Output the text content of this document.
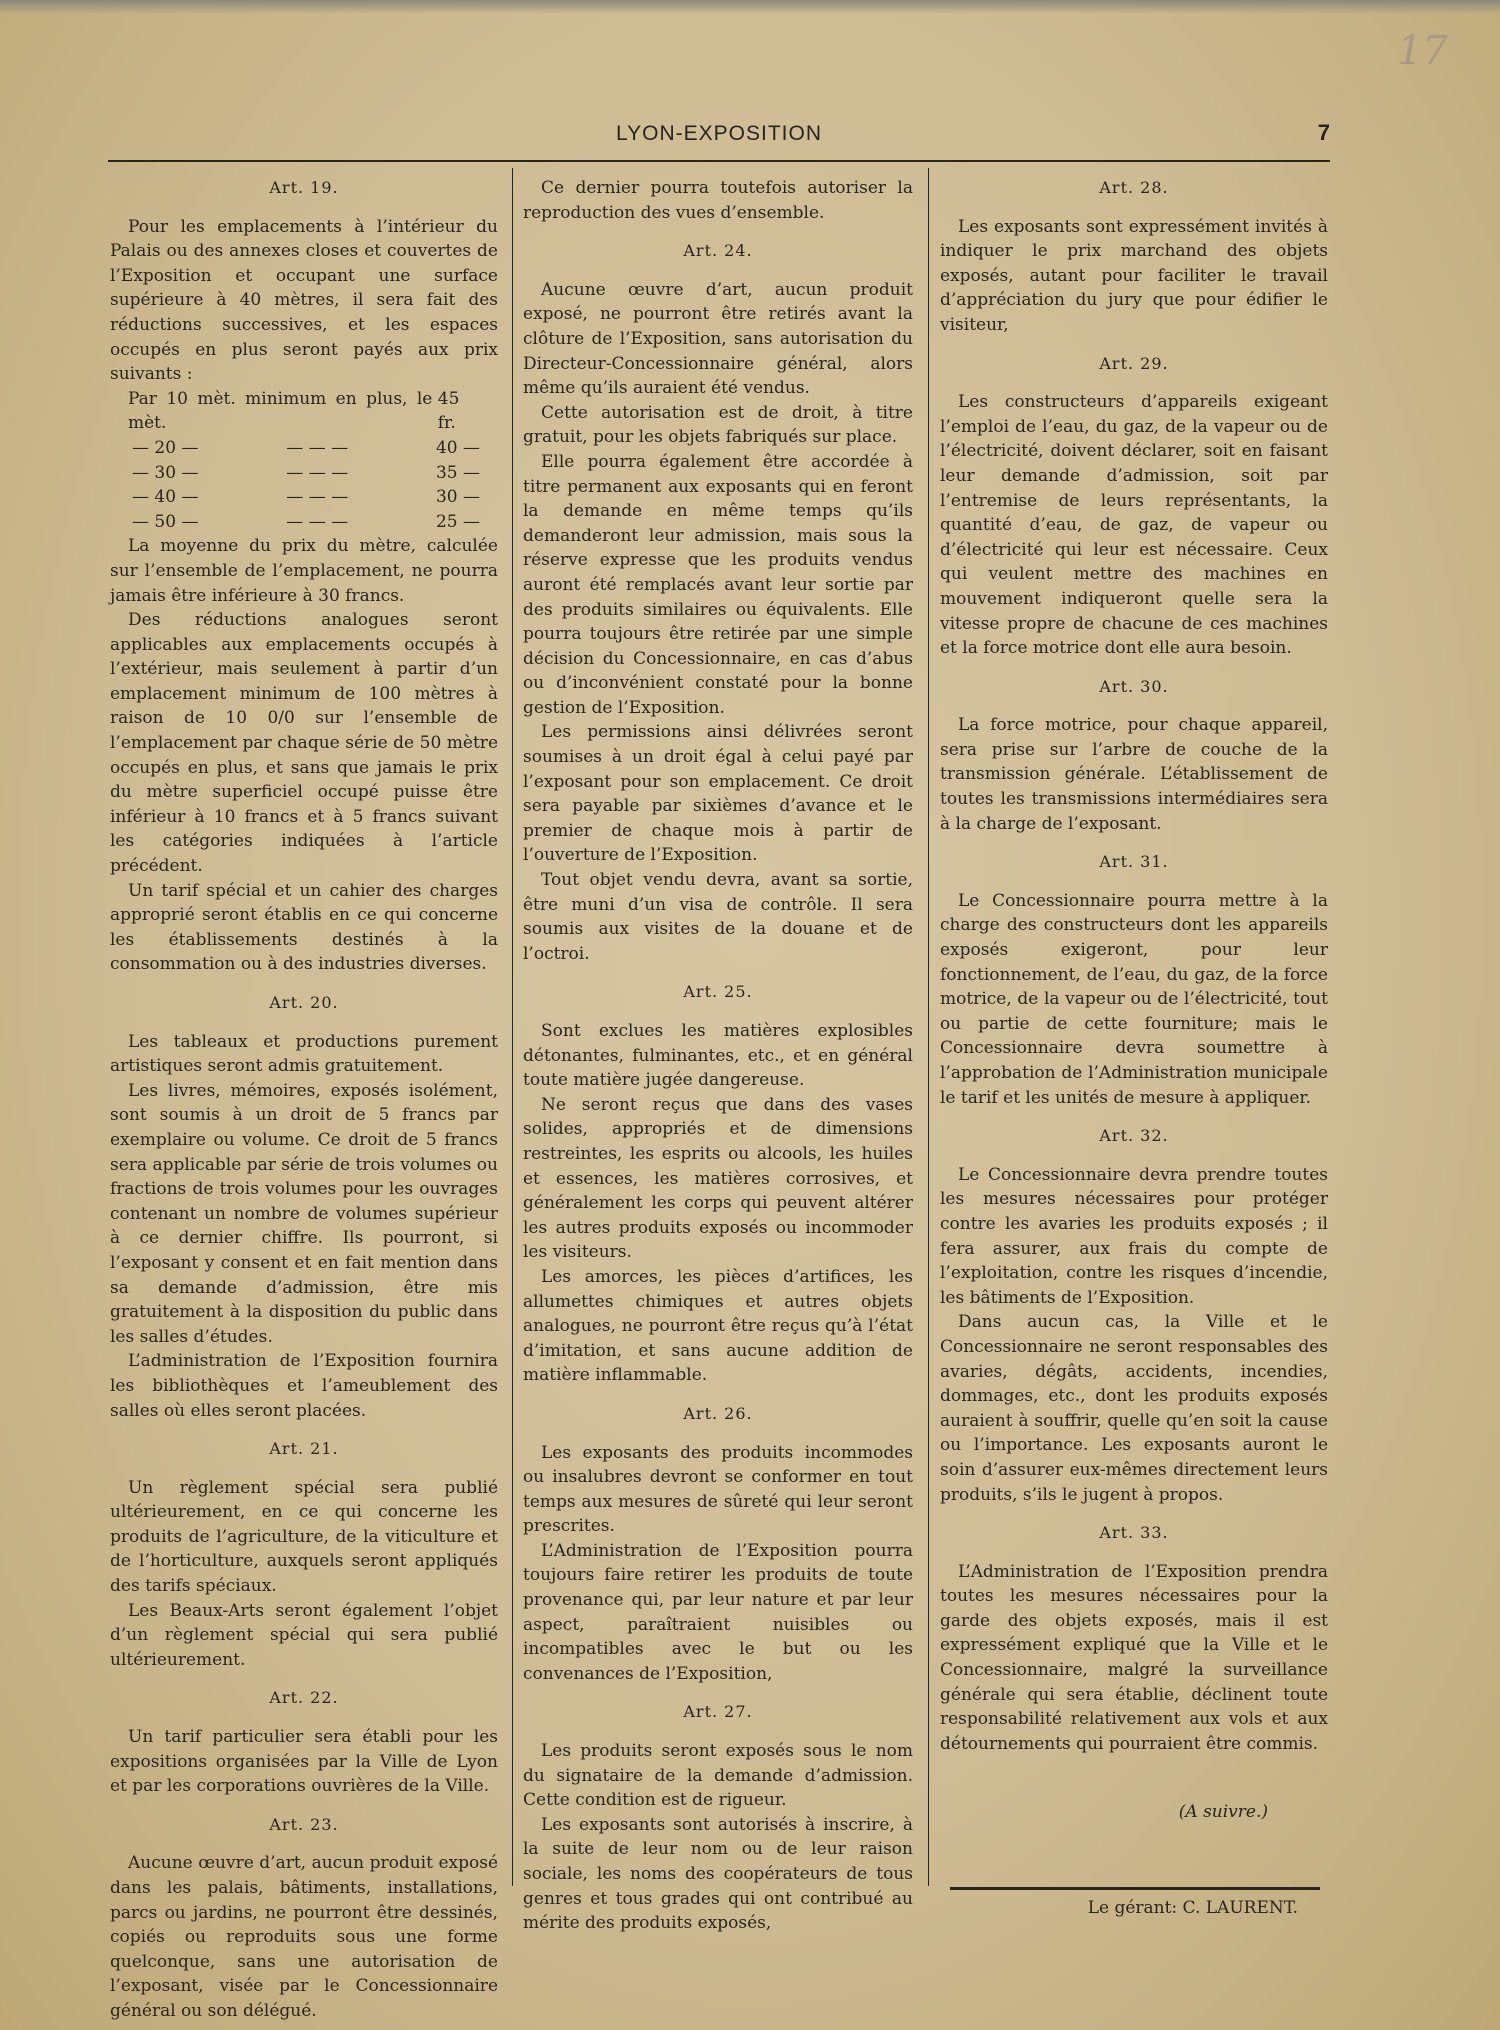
LYON-EXPOSITION	7
17
Art. 19.

Pour les emplacements à l’intérieur du Palais ou des annexes closes et couvertes de l’Exposition et occupant une surface supérieure à 40 mètres, il sera fait des réductions successives, et les espaces occupés en plus seront payés aux prix suivants :

Par 10 mèt. minimum en plus, le mèt.

45 fr.
— 20 —	— — —	40 —
— 30 —	— — —	35 —
— 40 —	— — —	30 —
— 50 —	— — —	25 —

La moyenne du prix du mètre, calculée sur l’ensemble de l’emplacement, ne pourra jamais être inférieure à 30 francs.

Des réductions analogues seront applicables aux emplacements occupés à l’extérieur, mais seulement à partir d’un emplacement minimum de 100 mètres à raison de 10 0/0 sur l’ensemble de l’emplacement par chaque série de 50 mètre occupés en plus, et sans que jamais le prix du mètre superficiel occupé puisse être inférieur à 10 francs et à 5 francs suivant les catégories indiquées à l’article précédent.

Un tarif spécial et un cahier des charges approprié seront établis en ce qui concerne les établissements destinés à la consommation ou à des industries diverses.

Art. 20.

Les tableaux et productions purement artistiques seront admis gratuitement.

Les livres, mémoires, exposés isolément, sont soumis à un droit de 5 francs par exemplaire ou volume. Ce droit de 5 francs sera applicable par série de trois volumes ou fractions de trois volumes pour les ouvrages contenant un nombre de volumes supérieur à ce dernier chiffre. Ils pourront, si l’exposant y consent et en fait mention dans sa demande d’admission, être mis gratuitement à la disposition du public dans les salles d’études.

L’administration de l’Exposition fournira les bibliothèques et l’ameublement des salles où elles seront placées.

Art. 21.

Un règlement spécial sera publié ultérieurement, en ce qui concerne les produits de l’agriculture, de la viticulture et de l’horticulture, auxquels seront appliqués des tarifs spéciaux.

Les Beaux-Arts seront également l’objet d’un règlement spécial qui sera publié ultérieurement.

Art. 22.

Un tarif particulier sera établi pour les expositions organisées par la Ville de Lyon et par les corporations ouvrières de la Ville.

Art. 23.

Aucune œuvre d’art, aucun produit exposé dans les palais, bâtiments, installations, parcs ou jardins, ne pourront être dessinés, copiés ou reproduits sous une forme quelconque, sans une autorisation de l’exposant, visée par le Concessionnaire général ou son délégué.

Ce dernier pourra toutefois autoriser la reproduction des vues d’ensemble.

Art. 24.

Aucune œuvre d’art, aucun produit exposé, ne pourront être retirés avant la clôture de l’Exposition, sans autorisation du Directeur-Concessionnaire général, alors même qu’ils auraient été vendus.

Cette autorisation est de droit, à titre gratuit, pour les objets fabriqués sur place.

Elle pourra également être accordée à titre permanent aux exposants qui en feront la demande en même temps qu’ils demanderont leur admission, mais sous la réserve expresse que les produits vendus auront été remplacés avant leur sortie par des produits similaires ou équivalents. Elle pourra toujours être retirée par une simple décision du Concessionnaire, en cas d’abus ou d’inconvénient constaté pour la bonne gestion de l’Exposition.

Les permissions ainsi délivrées seront soumises à un droit égal à celui payé par l’exposant pour son emplacement. Ce droit sera payable par sixièmes d’avance et le premier de chaque mois à partir de l’ouverture de l’Exposition.

Tout objet vendu devra, avant sa sortie, être muni d’un visa de contrôle. Il sera soumis aux visites de la douane et de l’octroi.

Art. 25.

Sont exclues les matières explosibles détonantes, fulminantes, etc., et en général toute matière jugée dangereuse.

Ne seront reçus que dans des vases solides, appropriés et de dimensions restreintes, les esprits ou alcools, les huiles et essences, les matières corrosives, et généralement les corps qui peuvent altérer les autres produits exposés ou incommoder les visiteurs.

Les amorces, les pièces d’artifices, les allumettes chimiques et autres objets analogues, ne pourront être reçus qu’à l’état d’imitation, et sans aucune addition de matière inflammable.

Art. 26.

Les exposants des produits incommodes ou insalubres devront se conformer en tout temps aux mesures de sûreté qui leur seront prescrites.

L’Administration de l’Exposition pourra toujours faire retirer les produits de toute provenance qui, par leur nature et par leur aspect, paraîtraient nuisibles ou incompatibles avec le but ou les convenances de l’Exposition,

Art. 27.

Les produits seront exposés sous le nom du signataire de la demande d’admission. Cette condition est de rigueur.

Les exposants sont autorisés à inscrire, à la suite de leur nom ou de leur raison sociale, les noms des coopérateurs de tous genres et tous grades qui ont contribué au mérite des produits exposés,

Art. 28.

Les exposants sont expressément invités à indiquer le prix marchand des objets exposés, autant pour faciliter le travail d’appréciation du jury que pour édifier le visiteur,

Art. 29.

Les constructeurs d’appareils exigeant l’emploi de l’eau, du gaz, de la vapeur ou de l’électricité, doivent déclarer, soit en faisant leur demande d’admission, soit par l’entremise de leurs représentants, la quantité d’eau, de gaz, de vapeur ou d’électricité qui leur est nécessaire. Ceux qui veulent mettre des machines en mouvement indiqueront quelle sera la vitesse propre de chacune de ces machines et la force motrice dont elle aura besoin.

Art. 30.

La force motrice, pour chaque appareil, sera prise sur l’arbre de couche de la transmission générale. L’établissement de toutes les transmissions intermédiaires sera à la charge de l’exposant.

Art. 31.

Le Concessionnaire pourra mettre à la charge des constructeurs dont les appareils exposés exigeront, pour leur fonctionnement, de l’eau, du gaz, de la force motrice, de la vapeur ou de l’électricité, tout ou partie de cette fourniture; mais le Concessionnaire devra soumettre à l’approbation de l’Administration municipale le tarif et les unités de mesure à appliquer.

Art. 32.

Le Concessionnaire devra prendre toutes les mesures nécessaires pour protéger contre les avaries les produits exposés ; il fera assurer, aux frais du compte de l’exploitation, contre les risques d’incendie, les bâtiments de l’Exposition.

Dans aucun cas, la Ville et le Concessionnaire ne seront responsables des avaries, dégâts, accidents, incendies, dommages, etc., dont les produits exposés auraient à souffrir, quelle qu’en soit la cause ou l’importance. Les exposants auront le soin d’assurer eux-mêmes directement leurs produits, s’ils le jugent à propos.

Art. 33.

L’Administration de l’Exposition prendra toutes les mesures nécessaires pour la garde des objets exposés, mais il est expressément expliqué que la Ville et le Concessionnaire, malgré la surveillance générale qui sera établie, déclinent toute responsabilité relativement aux vols et aux détournements qui pourraient être commis.

(A suivre.)
Le gérant: C. LAURENT.
